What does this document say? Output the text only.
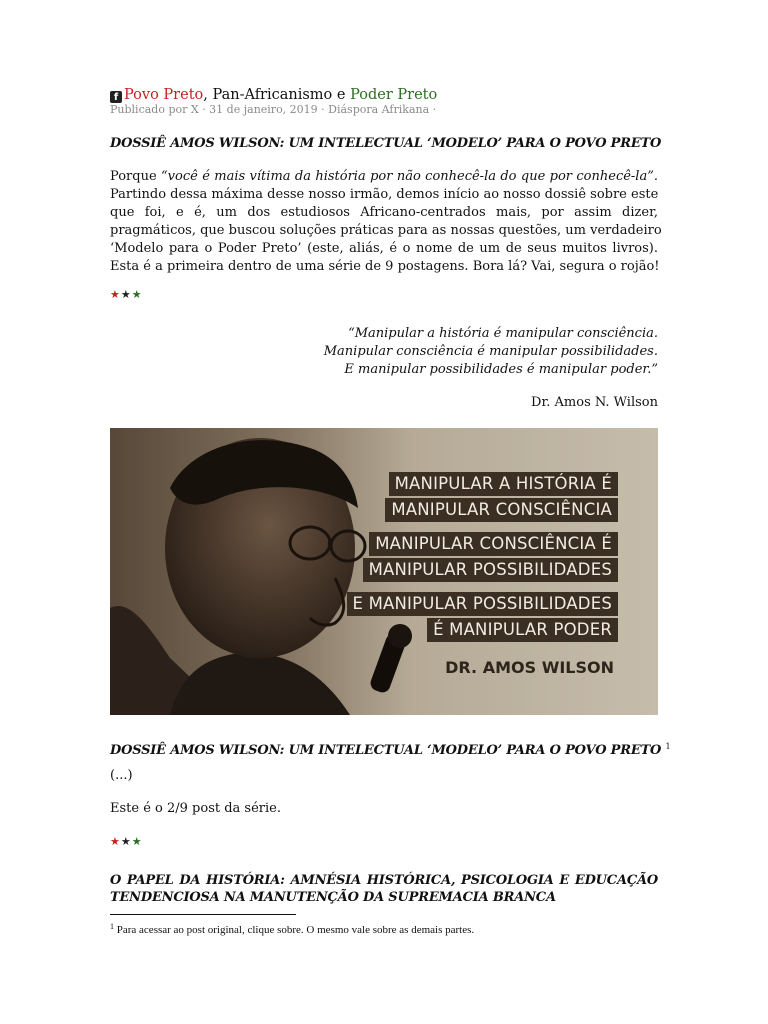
f Povo Preto, Pan-Africanismo e Poder Preto
Publicado por X · 31 de janeiro, 2019 · Diáspora Afrikana ·
DOSSIÊ AMOS WILSON: UM INTELECTUAL ‘MODELO’ PARA O POVO PRETO
Porque “você é mais vítima da história por não conhecê-la do que por conhecê-la”.
Partindo dessa máxima desse nosso irmão, demos início ao nosso dossiê sobre este
que foi, e é, um dos estudiosos Africano-centrados mais, por assim dizer,
pragmáticos, que buscou soluções práticas para as nossas questões, um verdadeiro
‘Modelo para o Poder Preto’ (este, aliás, é o nome de um de seus muitos livros).
Esta é a primeira dentro de uma série de 9 postagens. Bora lá? Vai, segura o rojão!
★★★
“Manipular a história é manipular consciência.
Manipular consciência é manipular possibilidades.
E manipular possibilidades é manipular poder.”
Dr. Amos N. Wilson
MANIPULAR A HISTÓRIA É
MANIPULAR CONSCIÊNCIA
MANIPULAR CONSCIÊNCIA É
MANIPULAR POSSIBILIDADES
E MANIPULAR POSSIBILIDADES
É MANIPULAR PODER
DR. AMOS WILSON
DOSSIÊ AMOS WILSON: UM INTELECTUAL ‘MODELO’ PARA O POVO PRETO $^1$
(...)
Este é o 2/9 post da série.
★★★
O PAPEL DA HISTÓRIA: AMNÉSIA HISTÓRICA, PSICOLOGIA E EDUCAÇÃO
TENDENCIOSA NA MANUTENÇÃO DA SUPREMACIA BRANCA
$^1$ Para acessar ao post original, clique sobre. O mesmo vale sobre as demais partes.
